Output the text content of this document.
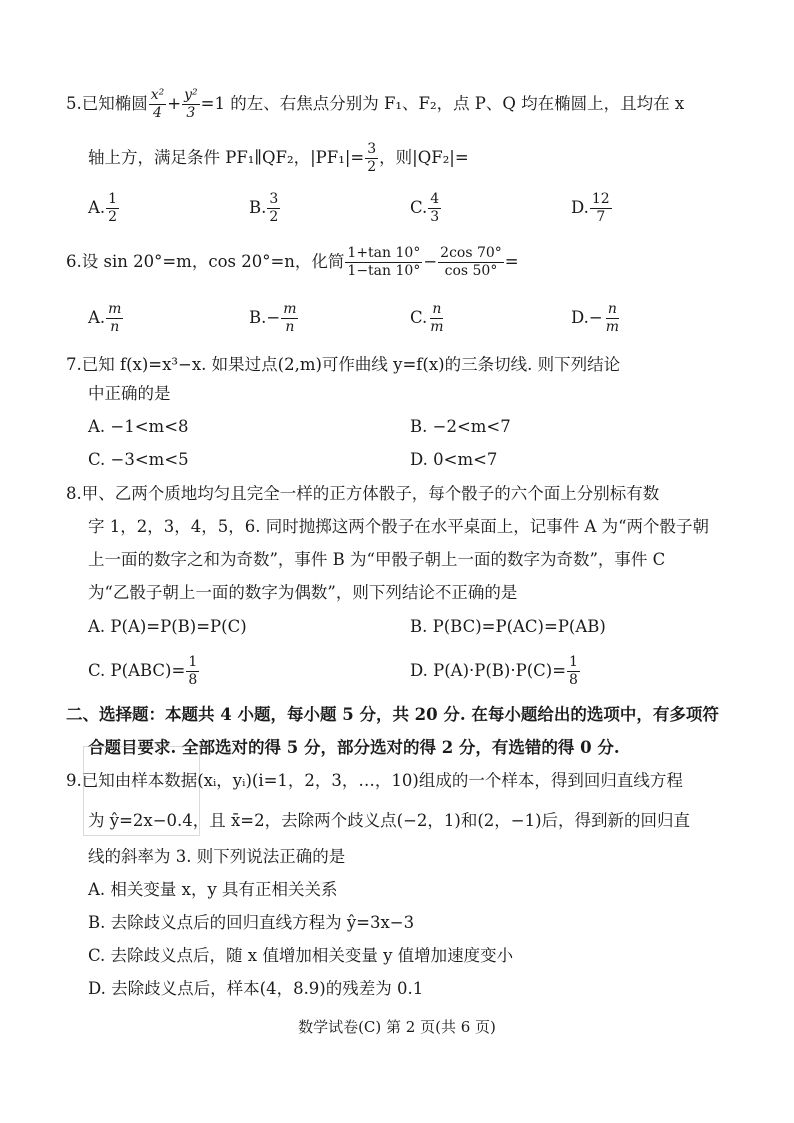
5. 已知椭圆 $\frac{\text{x²}}{4} + \frac{\text{y²}}{3} =1$ 的左、右焦点分别为 F₁、F₂，点 P、Q 均在椭圆上，且均在 x
轴上方，满足条件 PF₁∥QF₂，$|PF_1|= \frac{3}{2}$ ，则|QF₂|=
A. $\frac{1}{2}$	B. $\frac{3}{2}$	C. $\frac{4}{3}$	D. $\frac{12}{7}$
6. 设 sin 20°=m，cos 20°=n，化简 $\frac{1+\tan 10^\circ}{1-\tan 10^\circ} - \frac{2\cos 70^\circ}{\cos 50^\circ}$ =
A. $\frac{m}{n}$	B. − $\frac{m}{n}$	C. $\frac{n}{m}$	D. − $\frac{n}{m}$
7.已知 f(x)=x³−x. 如果过点(2,m)可作曲线 y=f(x)的三条切线. 则下列结论
中正确的是
A. −1<m<8	B. −2<m<7
C. −3<m<5	D. 0<m<7
8.甲、乙两个质地均匀且完全一样的正方体骰子，每个骰子的六个面上分别标有数
字 1，2，3，4，5，6. 同时抛掷这两个骰子在水平桌面上，记事件 A 为“两个骰子朝
上一面的数字之和为奇数”，事件 B 为“甲骰子朝上一面的数字为奇数”，事件 C
为“乙骰子朝上一面的数字为偶数”，则下列结论不正确的是
A. P(A)=P(B)=P(C)	B. P(BC)=P(AC)=P(AB)
C. $P(ABC)= \frac{1}{8}$	D. $P(A)\cdot P(B)\cdot P(C)= \frac{1}{8}$
二、选择题：本题共 4 小题，每小题 5 分，共 20 分. 在每小题给出的选项中，有多项符
合题目要求. 全部选对的得 5 分，部分选对的得 2 分，有选错的得 0 分.
9.已知由样本数据(xᵢ，yᵢ)(i=1，2，3，…，10)组成的一个样本，得到回归直线方程
为 ŷ=2x−0.4，且 x̄=2，去除两个歧义点(−2，1)和(2，−1)后，得到新的回归直
线的斜率为 3. 则下列说法正确的是
A. 相关变量 x，y 具有正相关关系
B. 去除歧义点后的回归直线方程为 ŷ=3x−3
C. 去除歧义点后，随 x 值增加相关变量 y 值增加速度变小
D. 去除歧义点后，样本(4，8.9)的残差为 0.1
数学试卷(C) 第 2 页(共 6 页)
